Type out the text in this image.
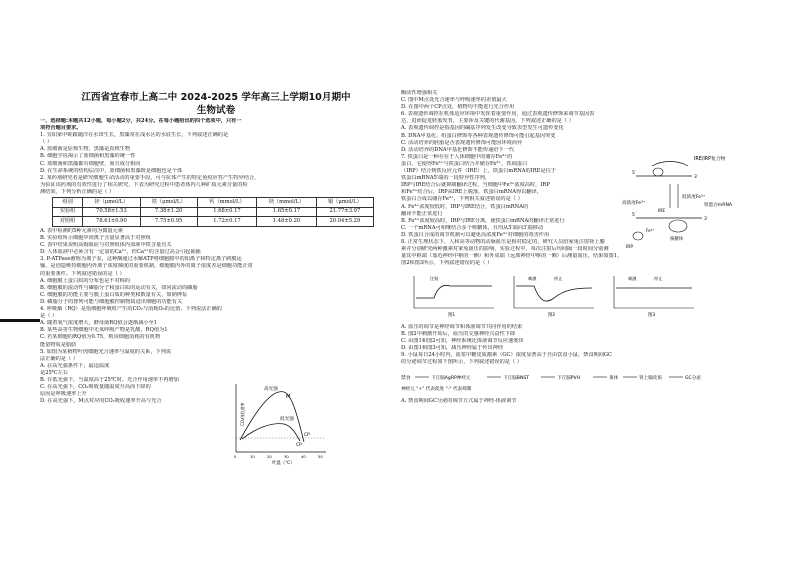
江西省宜春市上高二中 2024-2025 学年高三上学期10月期中
生物试卷
一、选择题:本题共12小题，每小题2分，共24分。在每小题给出的四个选项中，只有一
项符合题目要求。
1. 宜阳家中蛙跟随洋在水田生长，黑藻常在浅水区的水底生长，下列叙述正确的是
（ ）
A. 蓝细菌是原核生物，黑藻是真核生物
B. 细胞学说揭示了蓝细菌和黑藻的统一性
C. 蓝细菌和黑藻都有细胞壁，而且成分相同
D. 在生命系统的结构层次中，蓝细菌和黑藻既是细胞也是个体
2. 某药剂研究者是研究细胞生命活动的重要手段，可与抗体产生的特定免疫应答产生特异结合，
为验证该药剂的有效性进行了相关研究，下表为研究过程中患者体内几种矿质元素含量的检
测结果。下列分析正确的是（ ）
组别	锌（μmol/L）	铁（μmol/L）	钙（mmol/L）	镁（mmol/L）	铜（μmol/L）
实验组	70.58±1.53	7.38±1.20	1.68±0.17	1.65±0.17	21.77±3.97
对照组	78.61±0.90	7.75±0.95	1.72±0.17	1.48±0.20	20.04±5.29
A. 表中检测的5种元素均为微量元素
B. 实验组所示细胞中镁离子含量显著高于对照组
C. 表中结果说明高铜血症与对照组体内血液中铁含量有关
D. 人体血液中必须含有一定量的Ca²⁺，但Ca²⁺的含量过高会引起抽搐
3. P-ATPase被称为离子泵，这种酶通过水解ATP将细胞膜中的阳离子和特定离子跨膜运
输，是创造维持细胞内外离子浓度梯度的重要机制。细胞膜内外的离子浓度差是细胞功能正常
的重要条件。下列叙述错误的是（ ）
A. 细胞膜上蛋白质的分布也是不对称的
B. 细胞膜的流动性与磷脂分子和蛋白质的运动有关，如同流动的磷脂
C. 细胞膜的功能主要与膜上蛋白质的种类和数量有关，如钠钾泵
D. 磷脂分子的排列可能与细胞膜控制物质进出细胞的功能有关
4. 呼吸熵（RQ）是指细胞呼吸时产生的CO₂与消耗O₂的比值，下列说法正确的
是（ ）
A. 随着氧气浓度增大，酵母菌RQ值会逐渐减小至1
B. 某些高等生物细胞中无氧呼吸产物是乳酸，RQ值为1
C. 若某细胞的RQ值为0.75，则该细胞消耗的有机物
能量物质是脂肪
5. 如图为某植物叶肉细胞光合速率与温度的关系，下列说
法正确的是（ ）
A. 在高光强条件下，最适温度
是25℃左右
B. 在低光强下，当温度高于25℃时，光合作用速率不再增加
C. 在高光强下，CO₂吸收量随温度升高而下降的
原因是呼吸速率上升
D. 在高光强下，M点对应的CO₂吸收速率升高与光合
高光强
低光强
M
CP
CP
CO₂吸收速率
叶温（℃）
0	10	20	30	40	50
酶活性增强相关
C. 图中M点处光合速率与呼吸速率的差值最大
D. 在图中两个CP点处，植物均不能进行光合作用
6. 表观遗传调控在机体适应环境中发挥着重要作用，通过表观遗传修饰来调节基因表
达，进而促进胚胎发育，主要涉及关键的代谢基因。下列叙述正确的是（ ）
A. 表观遗传调控是指基因的碱基序列发生改变导致表型发生可遗传变化
B. DNA甲基化、组蛋白修饰等各种表观遗传修饰可能引起基因突变
C. 活动培养的胚胎是否表现遗传修饰可能因环境而异
D. 活动培养的DNA甲基化修饰不能传递给下一代
7. 铁蛋白是一种存在于人体细胞中的储存Fe³⁺的
蛋白，它使得Fe³⁺与铁蛋白结合并储存Fe³⁺，铁调蛋白
（IRP）结合到铁反应元件（IRE）上，铁蛋白mRNA的IRE是位于
铁蛋白mRNA5′端的一段特异性序列，
IRP与IRE结合后就抑制翻译过程，当细胞中Fe³⁺浓度高时，IRP
和Fe³⁺结合后，IRP从IRE上脱落，铁蛋白mRNA得以翻译，
铁蛋白合成以储存Fe³⁺，下列相关叙述错误的是（ ）
A. Fe³⁺浓度较低时，IRP与IRE结合，铁蛋白mRNA的
翻译不能正常进行
B. Fe³⁺浓度较高时，IRP与IRE分离，使铁蛋白mRNA的翻译正常进行
C. 一个mRNA可相继结合多个核糖体，且均从5′端向3′端移动
D. 铁蛋白合成的调节机制可以避免高浓度Fe³⁺对细胞的毒害作用
8. 正常生理状态下，人和高等动物的动脉血压是相对稳定的，研究人员给家兔注射肾上腺
素并分别研究两种激素对家兔血压的影响，实验过程中，每次注射后均间隔一段时间分别测
量其中枢端（靠近神经中枢的一侧）和外周端（远离神经中枢的一侧）后测量血压，结果如图1、
图2和图3所示。下列叙述错误的是（ ）
IRE/IRP复合物
5′
3′
高浓度Fe³⁺
低浓度Fe³⁺
铁蛋白mRNA
5′
3′
IRE
核糖体
IRP
Fe³⁺
注射
图1
刺激	停止
图2
刺激	停止
图3
A. 血压的调节是神经调节和体液调节共同作用的结果
B. 图2中刺激开始后，血压的交感神经兴奋性下降
C. 由图1和图2可知，神经系统比体液调节反应速度快
D. 由图1和图3可知，减压神经属于传出神经
9. 小鼠每日24小时内，血浆中糖皮质激素（GC）浓度显著高于自由饮食小鼠，禁食期间GC
的分泌调节过程如下图所示，下列叙述错误的是（ ）
禁食	下丘脑AgRP神经元	下丘脑BNST	下丘脑PVH	垂体	肾上腺皮质	GC分泌
神经元 "+" 代表促进 "-" 代表抑制
A. 禁食期间GC分泌的调节方式属于神经-体液调节
